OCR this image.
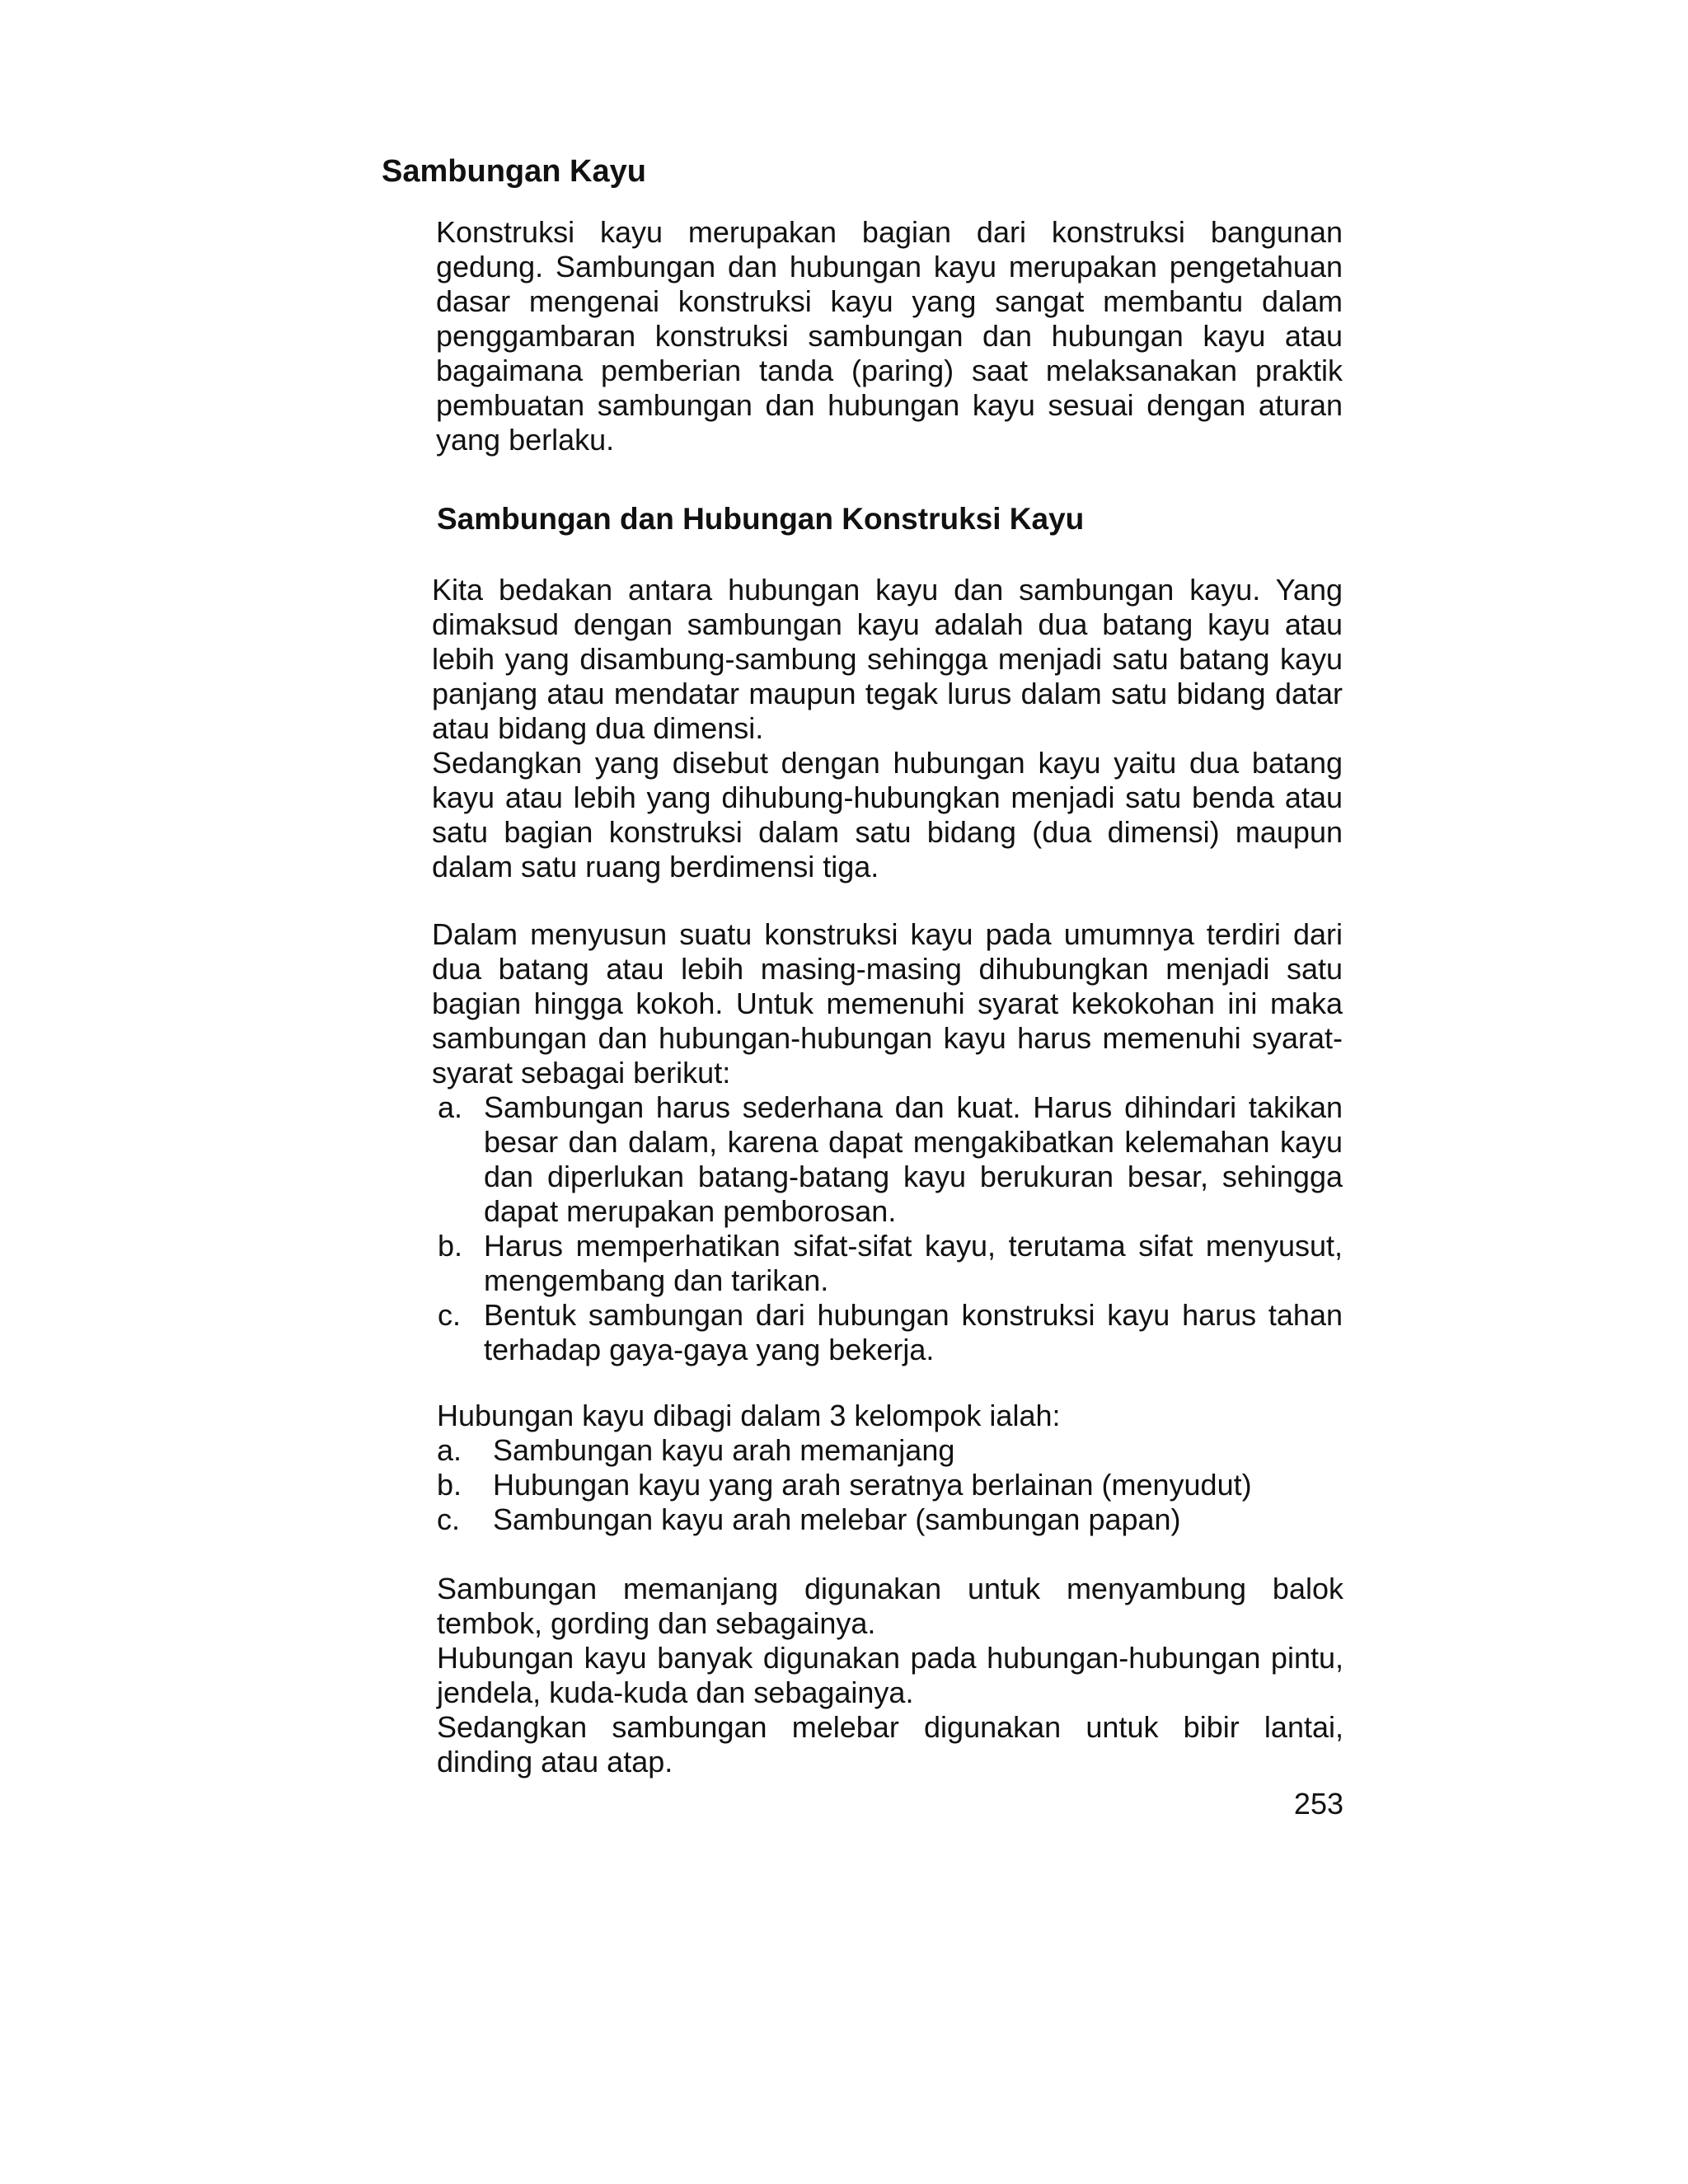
Sambungan Kayu

Konstruksi kayu merupakan bagian dari konstruksi bangunan gedung. Sambungan dan hubungan kayu merupakan pengetahuan dasar mengenai konstruksi kayu yang sangat membantu dalam penggambaran konstruksi sambungan dan hubungan kayu atau bagaimana pemberian tanda (paring) saat melaksanakan praktik pembuatan sambungan dan hubungan kayu sesuai dengan aturan yang berlaku.

Sambungan dan Hubungan Konstruksi Kayu

Kita bedakan antara hubungan kayu dan sambungan kayu. Yang dimaksud dengan sambungan kayu adalah dua batang kayu atau lebih yang disambung-sambung sehingga menjadi satu batang kayu panjang atau mendatar maupun tegak lurus dalam satu bidang datar atau bidang dua dimensi.

Sedangkan yang disebut dengan hubungan kayu yaitu dua batang kayu atau lebih yang dihubung-hubungkan menjadi satu benda atau satu bagian konstruksi dalam satu bidang (dua dimensi) maupun dalam satu ruang berdimensi tiga.

Dalam menyusun suatu konstruksi kayu pada umumnya terdiri dari dua batang atau lebih masing-masing dihubungkan menjadi satu bagian hingga kokoh. Untuk memenuhi syarat kekokohan ini maka sambungan dan hubungan-hubungan kayu harus memenuhi syarat-syarat sebagai berikut:

a. Sambungan harus sederhana dan kuat. Harus dihindari takikan besar dan dalam, karena dapat mengakibatkan kelemahan kayu dan diperlukan batang-batang kayu berukuran besar, sehingga dapat merupakan pemborosan.
b. Harus memperhatikan sifat-sifat kayu, terutama sifat menyusut, mengembang dan tarikan.
c. Bentuk sambungan dari hubungan konstruksi kayu harus tahan terhadap gaya-gaya yang bekerja.

Hubungan kayu dibagi dalam 3 kelompok ialah:

a. Sambungan kayu arah memanjang
b. Hubungan kayu yang arah seratnya berlainan (menyudut)
c. Sambungan kayu arah melebar (sambungan papan)

Sambungan memanjang digunakan untuk menyambung balok tembok, gording dan sebagainya.

Hubungan kayu banyak digunakan pada hubungan-hubungan pintu, jendela, kuda-kuda dan sebagainya.

Sedangkan sambungan melebar digunakan untuk bibir lantai, dinding atau atap.

253
